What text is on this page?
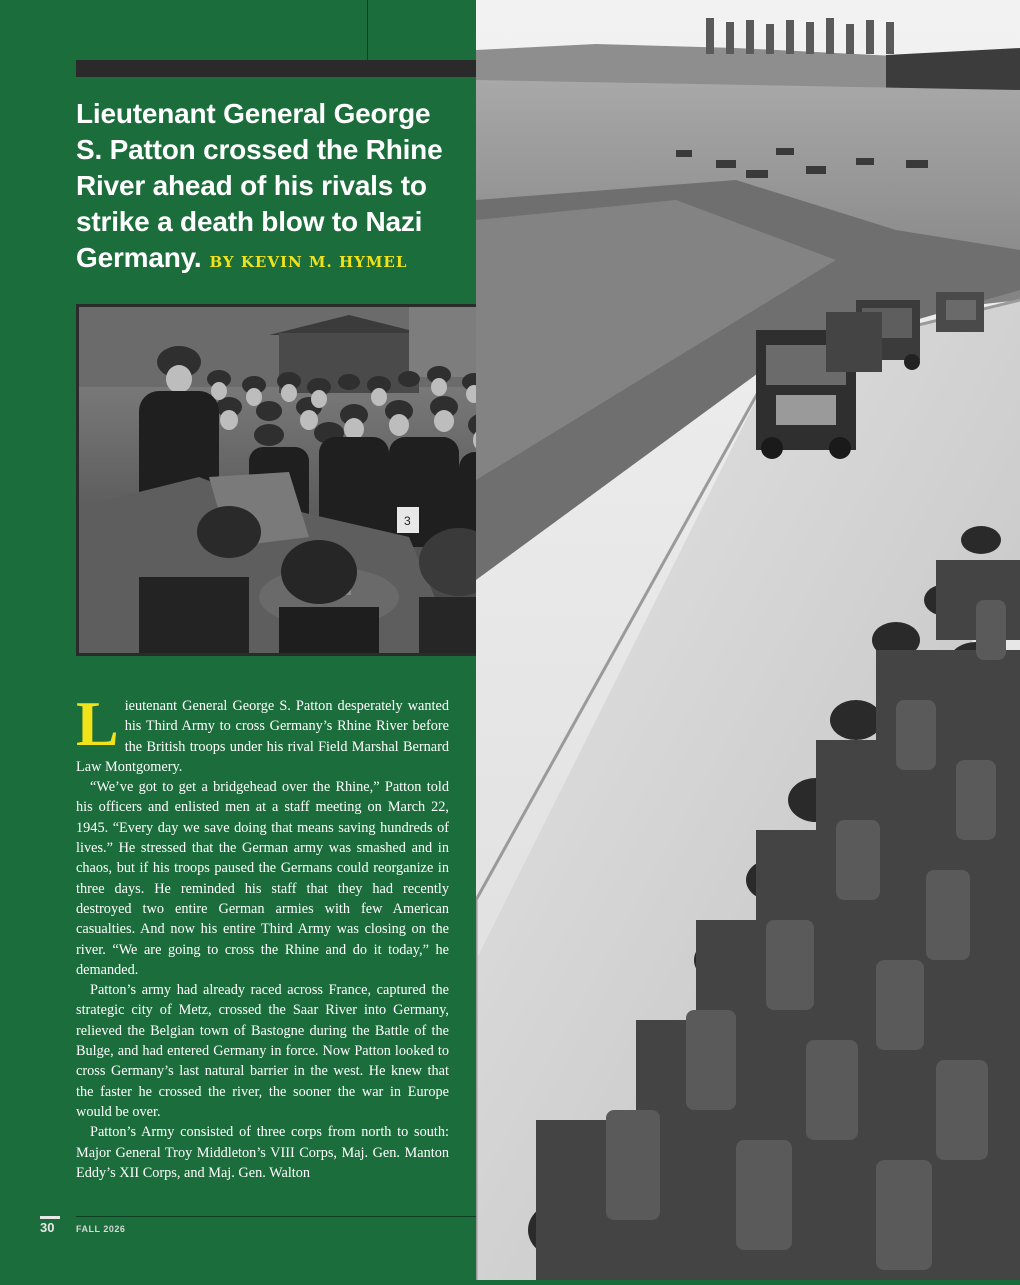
Lieutenant General George S. Patton crossed the Rhine River ahead of his rivals to strike a death blow to Nazi Germany. BY KEVIN M. HYMEL
3

Lieutenant General George S. Patton desperately wanted his Third Army to cross Germany’s Rhine River before the British troops under his rival Field Marshal Bernard Law Montgomery.

“We’ve got to get a bridgehead over the Rhine,” Patton told his officers and enlisted men at a staff meeting on March 22, 1945. “Every day we save doing that means saving hundreds of lives.” He stressed that the German army was smashed and in chaos, but if his troops paused the Germans could reorganize in three days. He reminded his staff that they had recently destroyed two entire German armies with few American casualties. And now his entire Third Army was closing on the river. “We are going to cross the Rhine and do it today,” he demanded.

Patton’s army had already raced across France, captured the strategic city of Metz, crossed the Saar River into Germany, relieved the Belgian town of Bastogne during the Battle of the Bulge, and had entered Germany in force. Now Patton looked to cross Germany’s last natural barrier in the west. He knew that the faster he crossed the river, the sooner the war in Europe would be over.

Patton’s Army consisted of three corps from north to south: Major General Troy Middleton’s VIII Corps, Maj. Gen. Manton Eddy’s XII Corps, and Maj. Gen. Walton

30 FALL 2026
